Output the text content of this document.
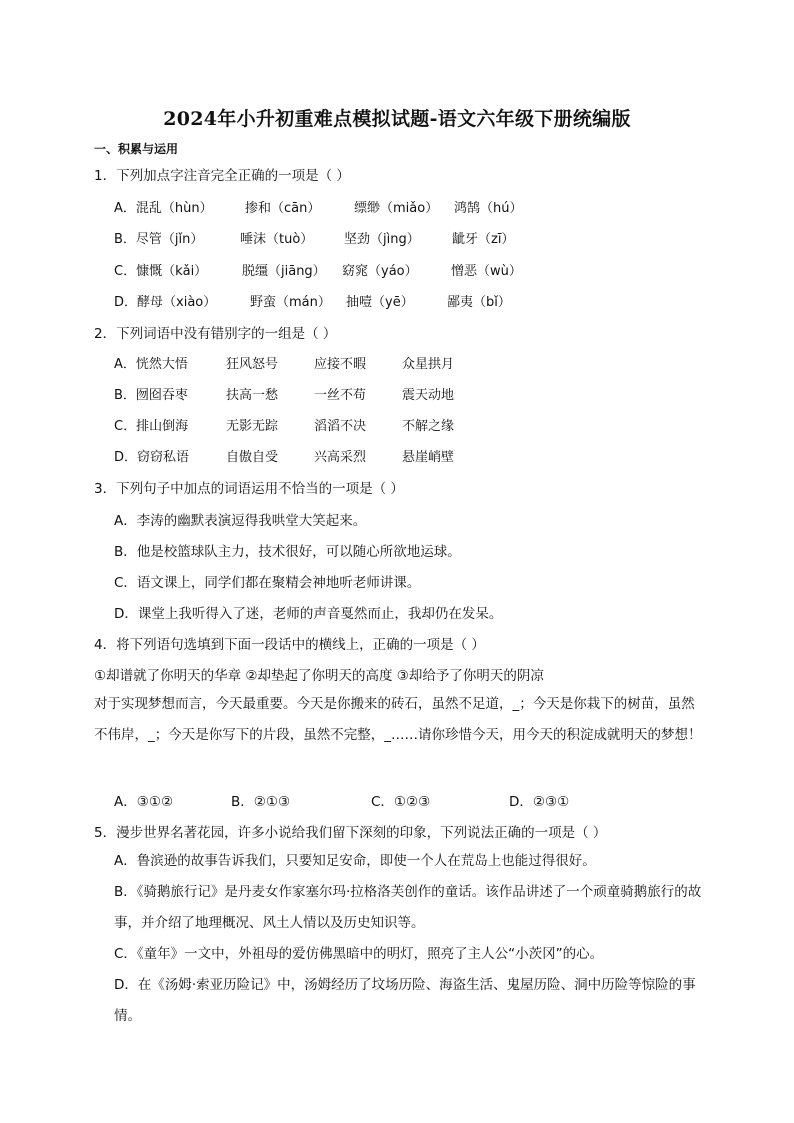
2024年小升初重难点模拟试题-语文六年级下册统编版
一、积累与运用
1．下列加点字注音完全正确的一项是（ ）
A．混乱（hùn） 掺和（cān）	缥缈（miǎo） 鸿鹄（hú）
B．尽管（jǐn）	唾沫（tuò） 坚劲（jìng） 龇牙（zī）
C．慷慨（kǎi）	脱缰（jiāng） 窈窕（yáo）	憎恶（wù）
D．酵母（xiào）	野蛮（mán） 抽噎（yē）	鄙夷（bǐ）
2．下列词语中没有错别字的一组是（ ）
A．恍然大悟	狂风怒号	应接不暇	众星拱月
B．囫囵吞枣	扶高一愁	一丝不苟	震天动地
C．排山倒海	无影无踪	滔滔不决	不解之缘
D．窃窃私语	自傲自受	兴高采烈	悬崖峭壁
3．下列句子中加点的词语运用不恰当的一项是（ ）
A．李涛的幽默表演逗得我哄堂大笑起来。
B．他是校篮球队主力，技术很好，可以随心所欲地运球。
C．语文课上，同学们都在聚精会神地听老师讲课。
D．课堂上我听得入了迷，老师的声音戛然而止，我却仍在发呆。
4．将下列语句选填到下面一段话中的横线上，正确的一项是（ ）
①却谱就了你明天的华章 ②却垫起了你明天的高度 ③却给予了你明天的阴凉
对于实现梦想而言，今天最重要。今天是你搬来的砖石，虽然不足道，_；今天是你栽下的树苗，虽然不伟岸，_；今天是你写下的片段，虽然不完整，_……请你珍惜今天，用今天的积淀成就明天的梦想！
A．③①②	B．②①③	C．①②③	D．②③①
5．漫步世界名著花园，许多小说给我们留下深刻的印象，下列说法正确的一项是（ ）
A．鲁滨逊的故事告诉我们，只要知足安命，即使一个人在荒岛上也能过得很好。
B．《骑鹅旅行记》是丹麦女作家塞尔玛·拉格洛芙创作的童话。该作品讲述了一个顽童骑鹅旅行的故事，并介绍了地理概况、风土人情以及历史知识等。
C．《童年》一文中，外祖母的爱仿佛黑暗中的明灯，照亮了主人公“小茨冈”的心。
D．在《汤姆·索亚历险记》中，汤姆经历了坟场历险、海盗生活、鬼屋历险、洞中历险等惊险的事情。
